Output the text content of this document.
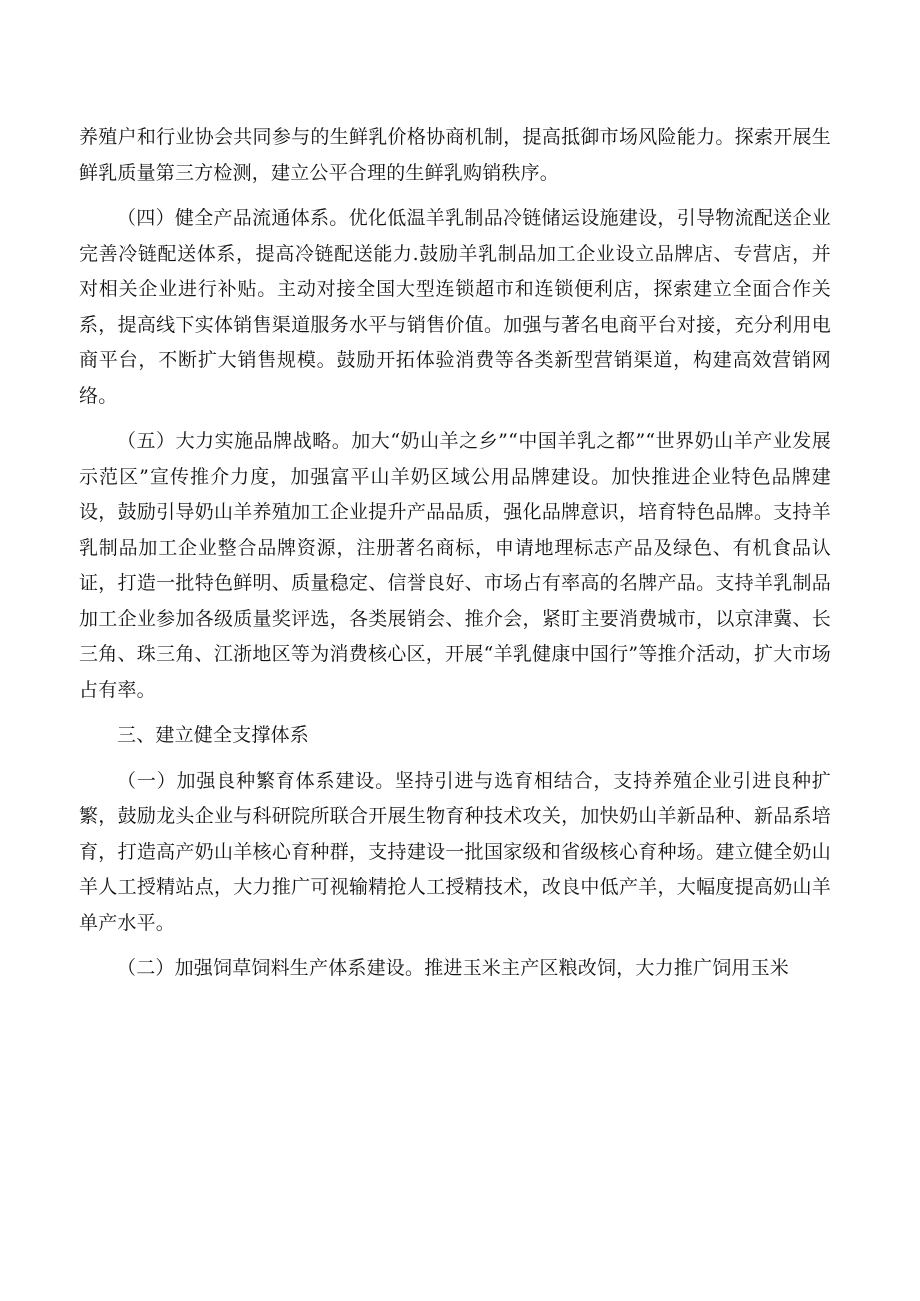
养殖户和行业协会共同参与的生鲜乳价格协商机制，提高抵御市场风险能力。探索开展生鲜乳质量第三方检测，建立公平合理的生鲜乳购销秩序。

（四）健全产品流通体系。优化低温羊乳制品冷链储运设施建设，引导物流配送企业完善冷链配送体系，提高冷链配送能力.鼓励羊乳制品加工企业设立品牌店、专营店，并对相关企业进行补贴。主动对接全国大型连锁超市和连锁便利店，探索建立全面合作关系，提高线下实体销售渠道服务水平与销售价值。加强与著名电商平台对接，充分利用电商平台，不断扩大销售规模。鼓励开拓体验消费等各类新型营销渠道，构建高效营销网络。

（五）大力实施品牌战略。加大“奶山羊之乡”“中国羊乳之都”“世界奶山羊产业发展示范区”宣传推介力度，加强富平山羊奶区域公用品牌建设。加快推进企业特色品牌建设，鼓励引导奶山羊养殖加工企业提升产品品质，强化品牌意识，培育特色品牌。支持羊乳制品加工企业整合品牌资源，注册著名商标，申请地理标志产品及绿色、有机食品认证，打造一批特色鲜明、质量稳定、信誉良好、市场占有率高的名牌产品。支持羊乳制品加工企业参加各级质量奖评选，各类展销会、推介会，紧盯主要消费城市，以京津冀、长三角、珠三角、江浙地区等为消费核心区，开展“羊乳健康中国行”等推介活动，扩大市场占有率。

三、建立健全支撑体系

（一）加强良种繁育体系建设。坚持引进与选育相结合，支持养殖企业引进良种扩繁，鼓励龙头企业与科研院所联合开展生物育种技术攻关，加快奶山羊新品种、新品系培育，打造高产奶山羊核心育种群，支持建设一批国家级和省级核心育种场。建立健全奶山羊人工授精站点，大力推广可视输精抢人工授精技术，改良中低产羊，大幅度提高奶山羊单产水平。

（二）加强饲草饲料生产体系建设。推进玉米主产区粮改饲，大力推广饲用玉米
